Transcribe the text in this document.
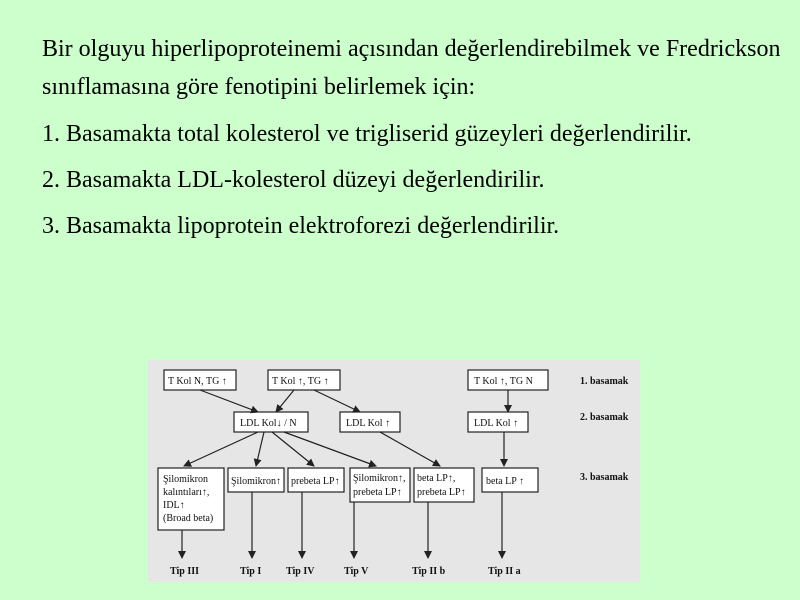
Bir olguyu hiperlipoproteinemi açısından değerlendirebilmek ve Fredrickson sınıflamasına göre fenotipini belirlemek için:

1. Basamakta total kolesterol ve trigliserid güzeyleri değerlendirilir.

2. Basamakta LDL-kolesterol düzeyi değerlendirilir.

3. Basamakta lipoprotein elektroforezi değerlendirilir.

T Kol N, TG ↑	T Kol ↑, TG ↑	T Kol ↑, TG N
LDL Kol↓ / N	LDL Kol ↑	LDL Kol ↑
Şilomikron
kalıntıları↑,
IDL↑
(Broad beta)
Şilomikron↑ prebeta LP↑ Şilomikron↑,
prebeta LP↑
beta LP↑,
prebeta LP↑
beta LP ↑
1. basamak
2. basamak
3. basamak
Tip III	Tip I Tip IV	Tip V	Tip II b	Tip II a
